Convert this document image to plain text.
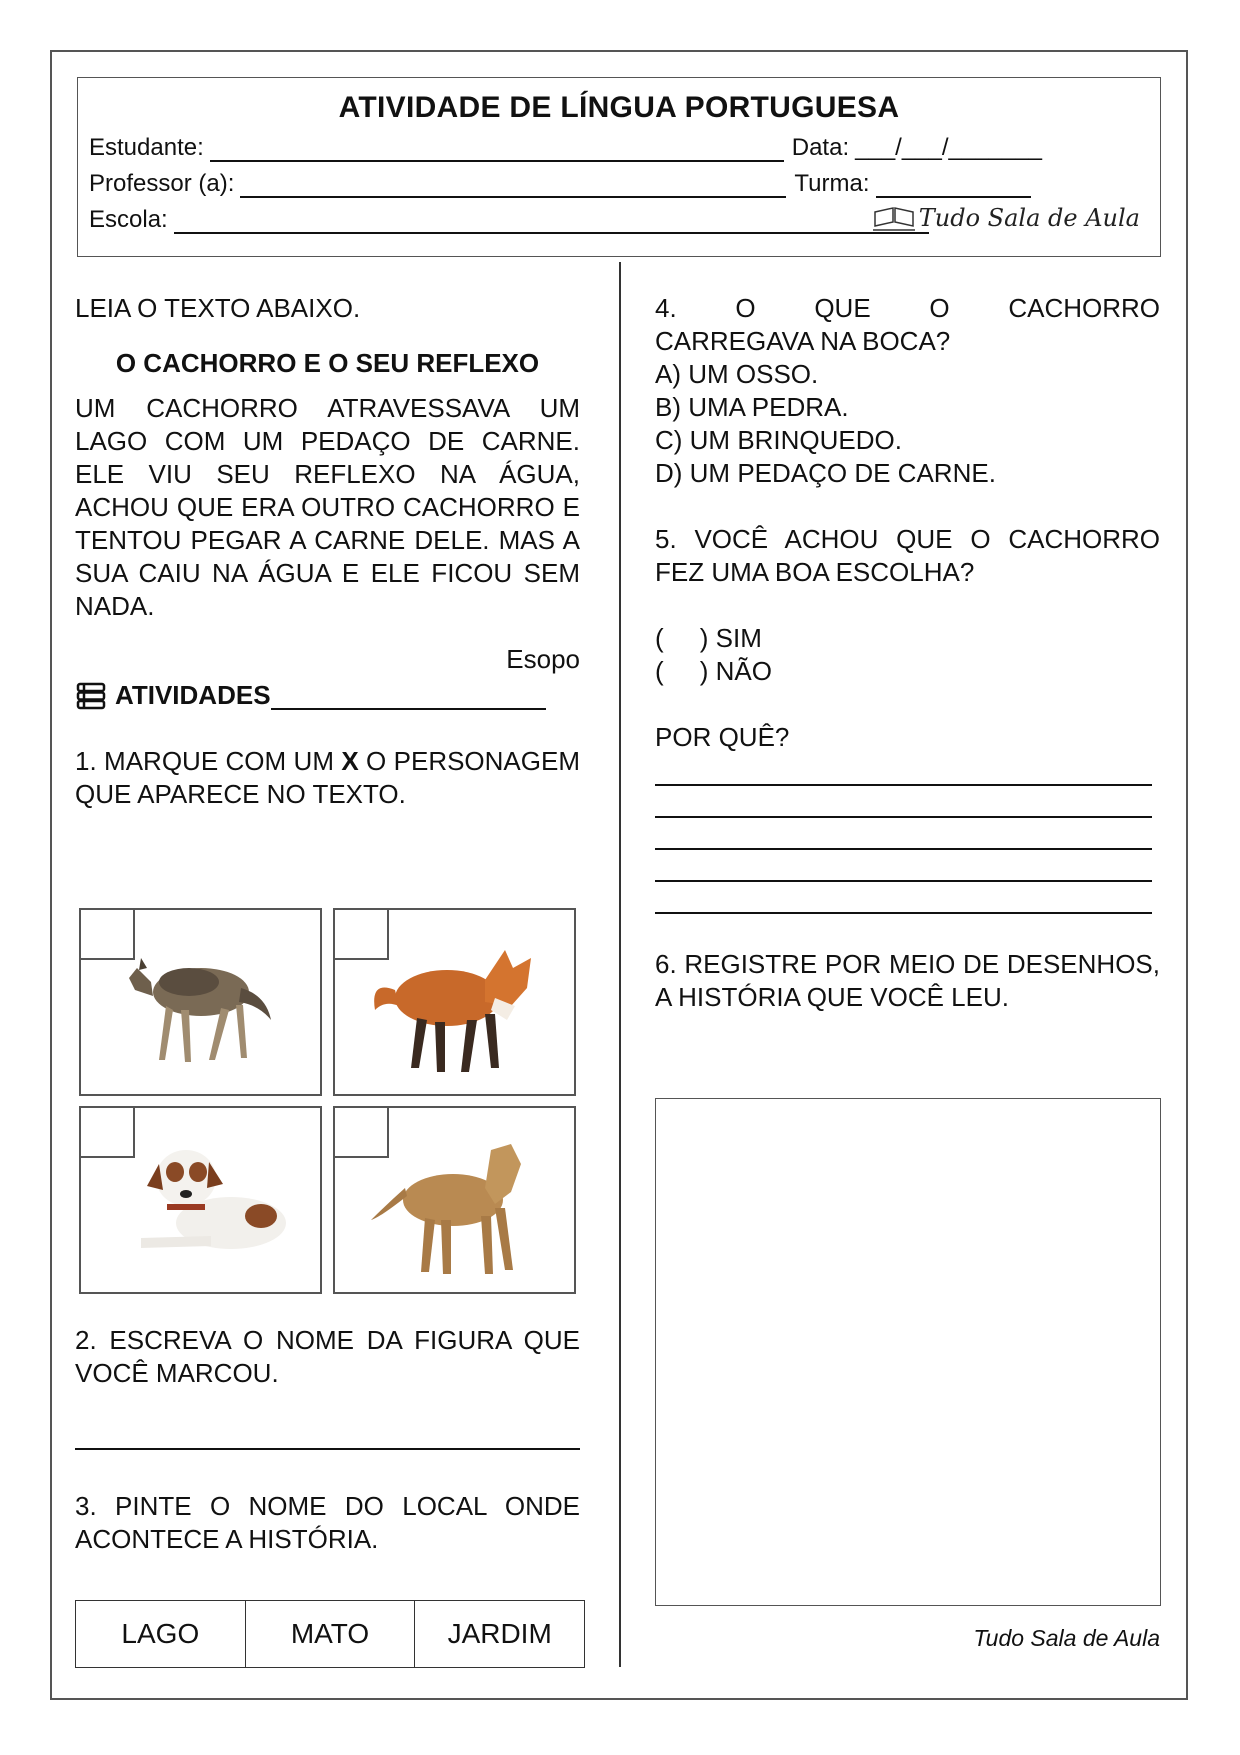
ATIVIDADE DE LÍNGUA PORTUGUESA
Estudante:	Data: ___/___/_______
Professor (a):	Turma:
Escola:	Tudo Sala de Aula

LEIA O TEXTO ABAIXO.

O CACHORRO E O SEU REFLEXO

UM CACHORRO ATRAVESSAVA UM LAGO COM UM PEDAÇO DE CARNE. ELE VIU SEU REFLEXO NA ÁGUA, ACHOU QUE ERA OUTRO CACHORRO E TENTOU PEGAR A CARNE DELE. MAS A SUA CAIU NA ÁGUA E ELE FICOU SEM NADA.

Esopo
ATIVIDADES

1. MARQUE COM UM X O PERSONAGEM QUE APARECE NO TEXTO.

2. ESCREVA O NOME DA FIGURA QUE VOCÊ MARCOU.

3. PINTE O NOME DO LOCAL ONDE ACONTECE A HISTÓRIA.

LAGO	MATO	JARDIM

4. O QUE O CACHORRO

CARREGAVA NA BOCA?

A) UM OSSO.

B) UMA PEDRA.

C) UM BRINQUEDO.

D) UM PEDAÇO DE CARNE.

5. VOCÊ ACHOU QUE O CACHORRO FEZ UMA BOA ESCOLHA?

(     ) SIM

(     ) NÃO

POR QUÊ?

6. REGISTRE POR MEIO DE DESENHOS, A HISTÓRIA QUE VOCÊ LEU.

Tudo Sala de Aula
